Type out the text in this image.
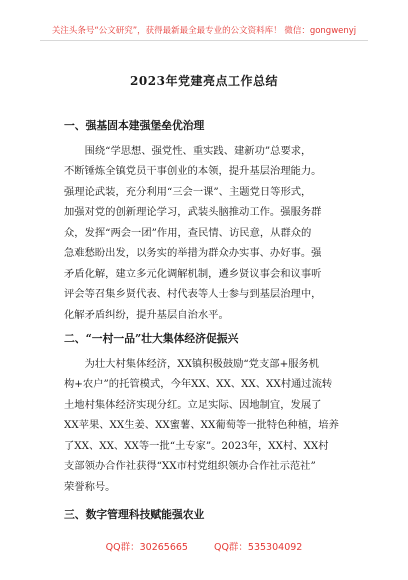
关注头条号“公文研究”，获得最新最全最专业的公文资料库！ 微信：gongwenyj
2023年党建亮点工作总结

一、强基固本建强堡垒优治理

　　围绕“学思想、强党性、重实践、建新功”总要求，

不断锤炼全镇党员干事创业的本领，提升基层治理能力。

强理论武装，充分利用“三会一课”、主题党日等形式，

加强对党的创新理论学习，武装头脑推动工作。强服务群

众，发挥“两会一团”作用，查民情、访民意，从群众的

急难愁盼出发，以务实的举措为群众办实事、办好事。强

矛盾化解，建立多元化调解机制，遴乡贤议事会和议事听

评会等召集乡贤代表、村代表等人士参与到基层治理中，

化解矛盾纠纷，提升基层自治水平。

二、“一村一品”壮大集体经济促振兴

　　为壮大村集体经济，XX镇积极鼓励“党支部+服务机

构+农户”的托管模式，今年XX、XX、XX、XX村通过流转

土地村集体经济实现分红。立足实际、因地制宜，发展了

XX苹果、XX生姜、XX蜜薯、XX葡萄等一批特色种植，培养

了XX、XX、XX等一批“土专家”。2023年，XX村、XX村

支部领办合作社获得“XX市村党组织领办合作社示范社”

荣誉称号。

三、数字管理科技赋能强农业

QQ群：30265665	QQ群：535304092
